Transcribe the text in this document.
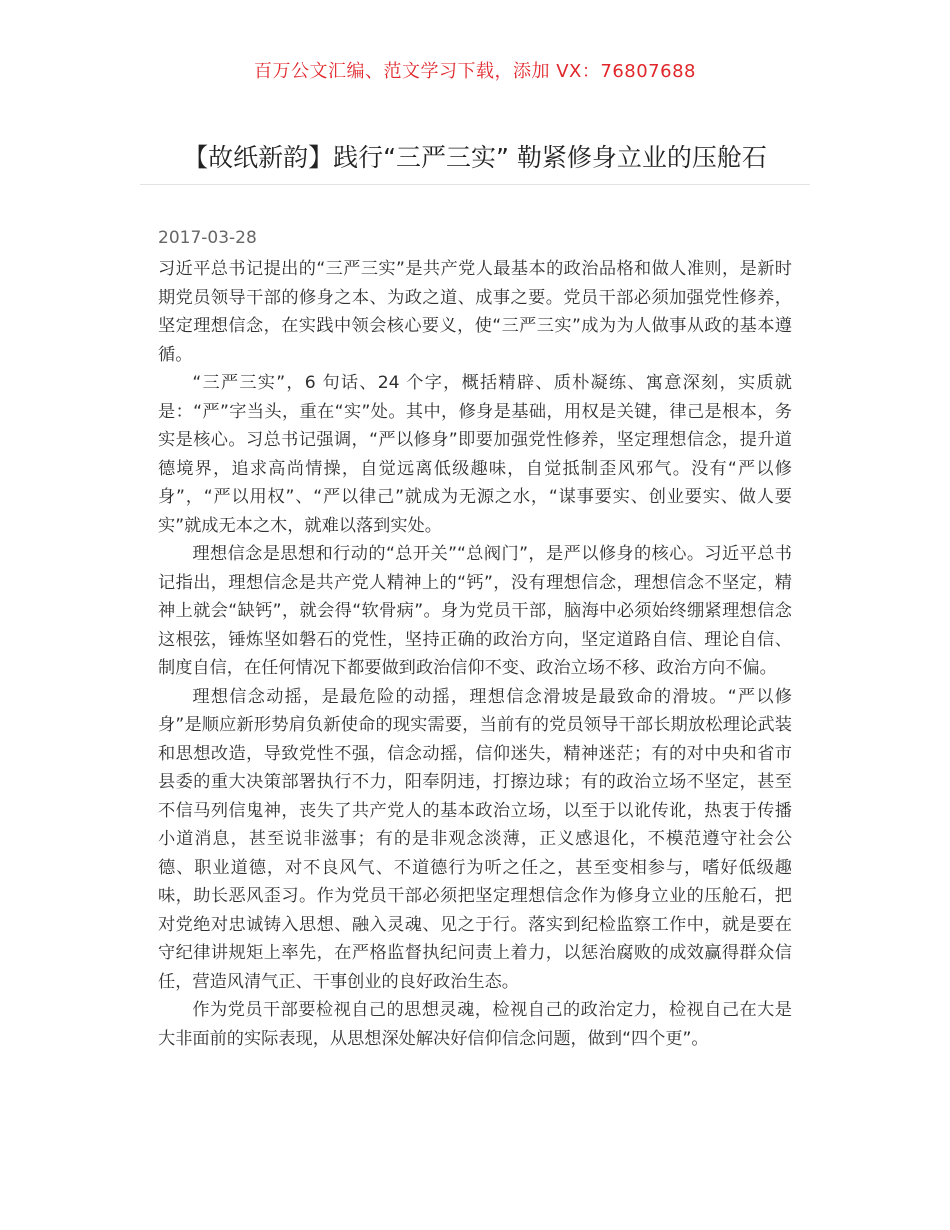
百万公文汇编、范文学习下载，添加 VX：76807688
【故纸新韵】践行“三严三实” 勒紧修身立业的压舱石
2017-03-28

习近平总书记提出的“三严三实”是共产党人最基本的政治品格和做人准则，是新时期党员领导干部的修身之本、为政之道、成事之要。党员干部必须加强党性修养，坚定理想信念，在实践中领会核心要义，使“三严三实”成为为人做事从政的基本遵循。

“三严三实”，6 句话、24 个字，概括精辟、质朴凝练、寓意深刻，实质就是：“严”字当头，重在“实”处。其中，修身是基础，用权是关键，律己是根本，务实是核心。习总书记强调，“严以修身”即要加强党性修养，坚定理想信念，提升道德境界，追求高尚情操，自觉远离低级趣味，自觉抵制歪风邪气。没有“严以修身”，“严以用权”、“严以律己”就成为无源之水，“谋事要实、创业要实、做人要实”就成无本之木，就难以落到实处。

理想信念是思想和行动的“总开关”“总阀门”，是严以修身的核心。习近平总书记指出，理想信念是共产党人精神上的“钙”，没有理想信念，理想信念不坚定，精神上就会“缺钙”，就会得“软骨病”。身为党员干部，脑海中必须始终绷紧理想信念这根弦，锤炼坚如磐石的党性，坚持正确的政治方向，坚定道路自信、理论自信、制度自信，在任何情况下都要做到政治信仰不变、政治立场不移、政治方向不偏。

理想信念动摇，是最危险的动摇，理想信念滑坡是最致命的滑坡。“严以修身”是顺应新形势肩负新使命的现实需要，当前有的党员领导干部长期放松理论武装和思想改造，导致党性不强，信念动摇，信仰迷失，精神迷茫；有的对中央和省市县委的重大决策部署执行不力，阳奉阴违，打擦边球；有的政治立场不坚定，甚至不信马列信鬼神，丧失了共产党人的基本政治立场，以至于以讹传讹，热衷于传播小道消息，甚至说非滋事；有的是非观念淡薄，正义感退化，不模范遵守社会公德、职业道德，对不良风气、不道德行为听之任之，甚至变相参与，嗜好低级趣味，助长恶风歪习。作为党员干部必须把坚定理想信念作为修身立业的压舱石，把对党绝对忠诚铸入思想、融入灵魂、见之于行。落实到纪检监察工作中，就是要在守纪律讲规矩上率先，在严格监督执纪问责上着力，以惩治腐败的成效赢得群众信任，营造风清气正、干事创业的良好政治生态。

作为党员干部要检视自己的思想灵魂，检视自己的政治定力，检视自己在大是大非面前的实际表现，从思想深处解决好信仰信念问题，做到“四个更”。
